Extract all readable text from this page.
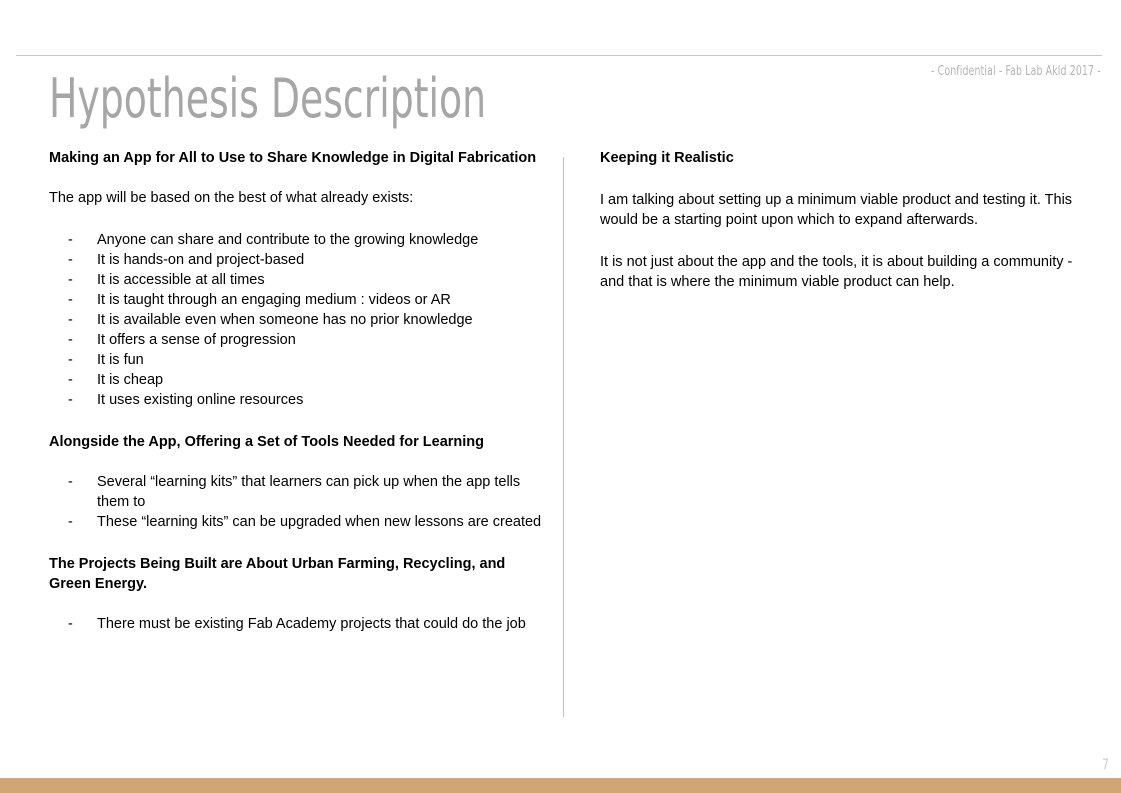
- Confidential - Fab Lab Akld 2017 -
Hypothesis Description

Making an App for All to Use to Share Knowledge in Digital Fabrication

The app will be based on the best of what already exists:

- Anyone can share and contribute to the growing knowledge
- It is hands-on and project-based
- It is accessible at all times
- It is taught through an engaging medium : videos or AR
- It is available even when someone has no prior knowledge
- It offers a sense of progression
- It is fun
- It is cheap
- It uses existing online resources

Alongside the App, Offering a Set of Tools Needed for Learning

- Several “learning kits” that learners can pick up when the app tells them to
- These “learning kits” can be upgraded when new lessons are created

The Projects Being Built are About Urban Farming, Recycling, and Green Energy.

- There must be existing Fab Academy projects that could do the job

Keeping it Realistic

I am talking about setting up a minimum viable product and testing it. This would be a starting point upon which to expand afterwards.

It is not just about the app and the tools, it is about building a community - and that is where the minimum viable product can help.

7
